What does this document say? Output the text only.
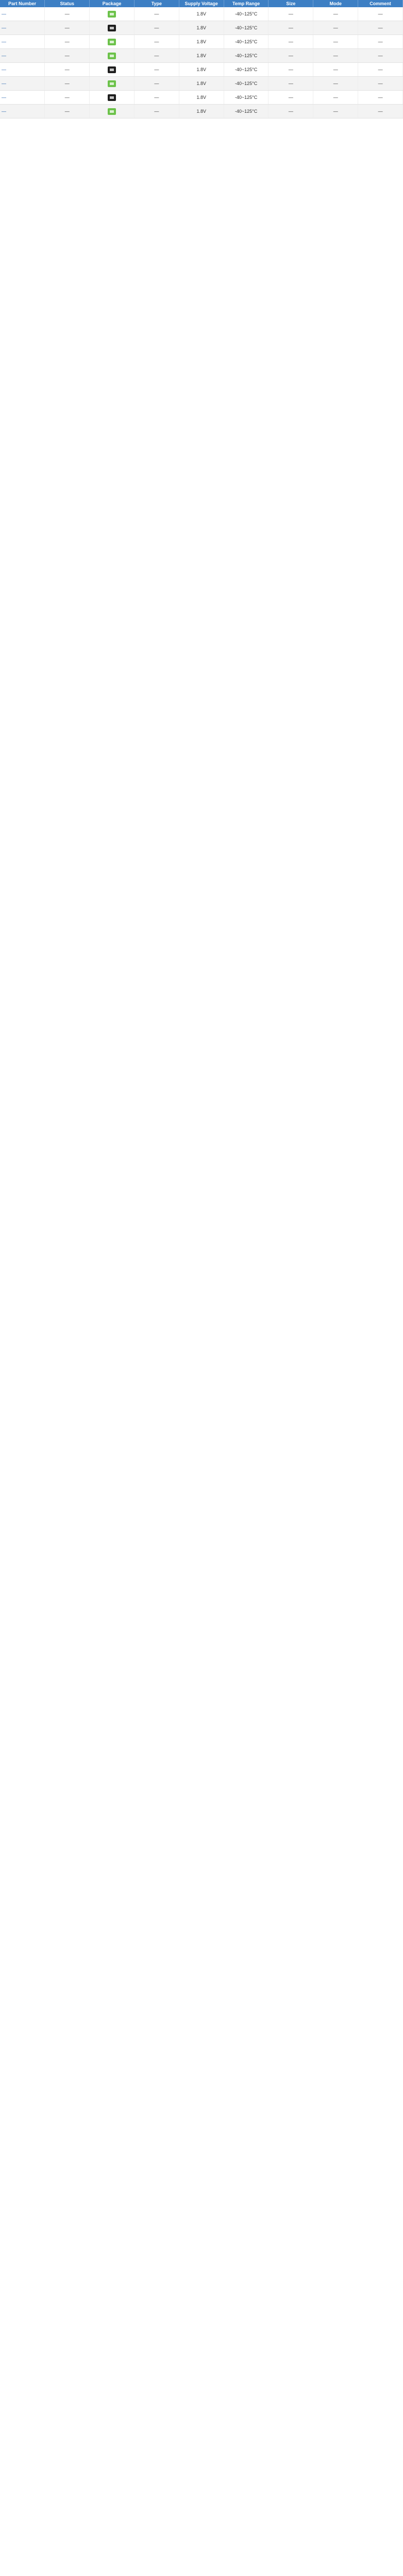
Part Number	Status	Package	Type	Supply Voltage	Temp Range	Size	Mode	Comment
—	—		—	1.8V	-40~125°C	—	—	—
—	—		—	1.8V	-40~125°C	—	—	—
—	—		—	1.8V	-40~125°C	—	—	—
—	—		—	1.8V	-40~125°C	—	—	—
—	—		—	1.8V	-40~125°C	—	—	—
—	—		—	1.8V	-40~125°C	—	—	—
—	—		—	1.8V	-40~125°C	—	—	—
—	—		—	1.8V	-40~125°C	—	—	—
